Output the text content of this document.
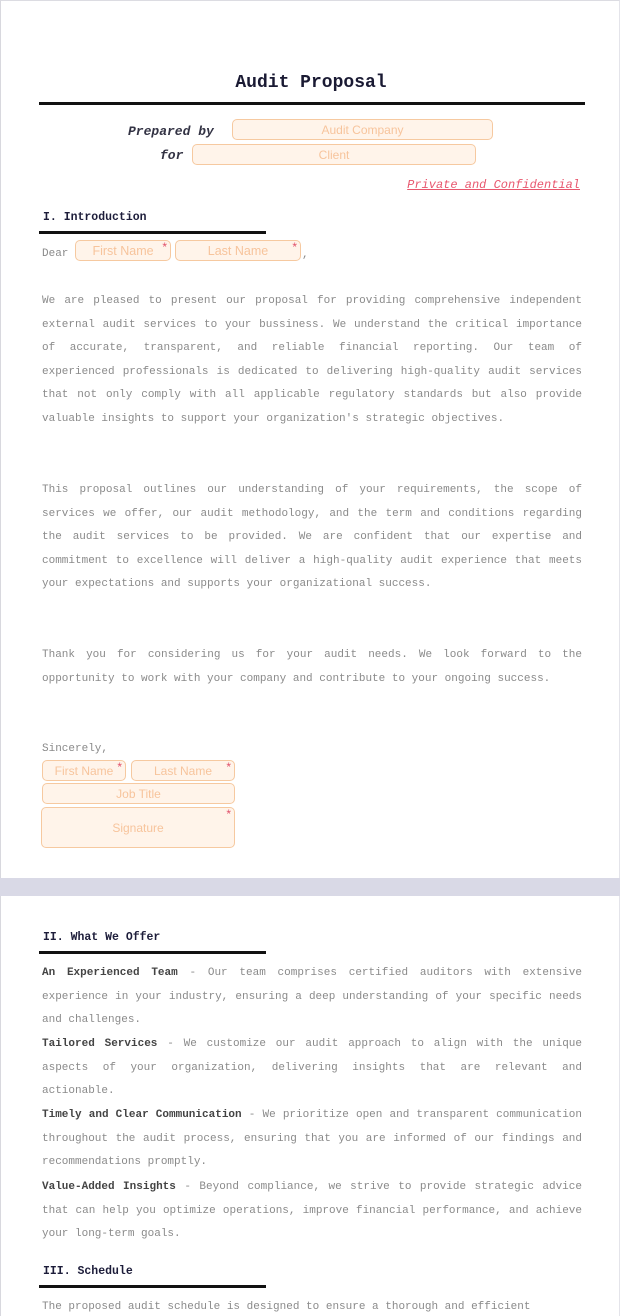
Audit Proposal
Prepared by	Audit Company
for	Client
Private and Confidential
I. Introduction
Dear First Name *	Last Name *
,

We are pleased to present our proposal for providing comprehensive independent external audit services to your bussiness. We understand the critical importance of accurate, transparent, and reliable financial reporting. Our team of experienced professionals is dedicated to delivering high-quality audit services that not only comply with all applicable regulatory standards but also provide valuable insights to support your organization's strategic objectives.

This proposal outlines our understanding of your requirements, the scope of services we offer, our audit methodology, and the term and conditions regarding the audit services to be provided. We are confident that our expertise and commitment to excellence will deliver a high-quality audit experience that meets your expectations and supports your organizational success.

Thank you for considering us for your audit needs. We look forward to the opportunity to work with your company and contribute to your ongoing success.

Sincerely,
First Name *	Last Name *
Job Title
Signature
*
II. What We Offer

An Experienced Team - Our team comprises certified auditors with extensive experience in your industry, ensuring a deep understanding of your specific needs and challenges.

Tailored Services - We customize our audit approach to align with the unique aspects of your organization, delivering insights that are relevant and actionable.

Timely and Clear Communication - We prioritize open and transparent communication throughout the audit process, ensuring that you are informed of our findings and recommendations promptly.

Value-Added Insights - Beyond compliance, we strive to provide strategic advice that can help you optimize operations, improve financial performance, and achieve your long-term goals.

III. Schedule

The proposed audit schedule is designed to ensure a thorough and efficient
